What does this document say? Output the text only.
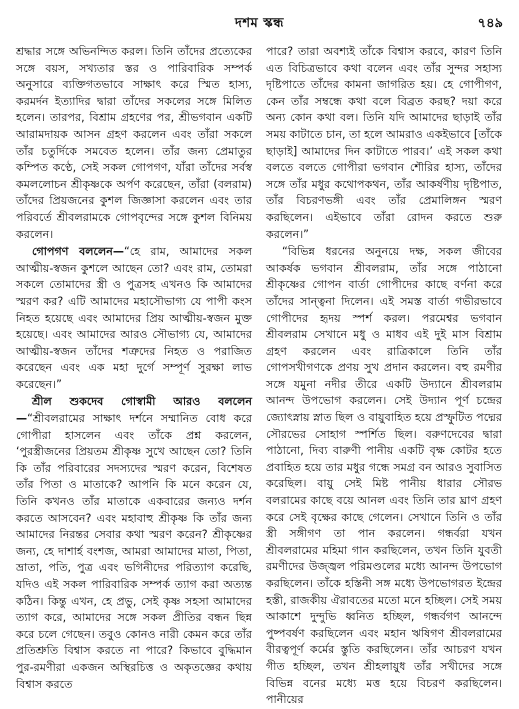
দশম স্কন্ধ	৭৪৯

শ্রদ্ধার সঙ্গে অভিনন্দিত করল। তিনি তাঁদের প্রত্যেকের সঙ্গে বয়স, সখ্যতার স্তর ও পারিবারিক সম্পর্ক অনুসারে ব্যক্তিগতভাবে সাক্ষাৎ করে স্মিত হাস্য, করমর্দন ইত্যাদির দ্বারা তাঁদের সকলের সঙ্গে মিলিত হলেন। তারপর, বিশ্রাম গ্রহণের পর, শ্রীভগবান একটি আরামদায়ক আসন গ্রহণ করলেন এবং তাঁরা সকলে তাঁর চতুর্দিকে সমবেত হলেন। তাঁর জন্য প্রেমাতুর কম্পিত কণ্ঠে, সেই সকল গোপগণ, যাঁরা তাঁদের সর্বস্ব কমললোচন শ্রীকৃষ্ণকে অর্পণ করেছেন, তাঁরা (বলরাম) তাঁদের প্রিয়জনের কুশল জিজ্ঞাসা করলেন এবং তার পরিবর্তে শ্রীবলরামকে গোপবৃন্দের সঙ্গে কুশল বিনিময় করলেন।

গোপগণ বললেন—“হে রাম, আমাদের সকল আত্মীয়-স্বজন কুশলে আছেন তো? এবং রাম, তোমরা সকলে তোমাদের স্ত্রী ও পুত্রসহ এখনও কি আমাদের স্মরণ কর? এটি আমাদের মহাসৌভাগ্য যে পাপী কংস নিহত হয়েছে এবং আমাদের প্রিয় আত্মীয়-স্বজন মুক্ত হয়েছে। এবং আমাদের আরও সৌভাগ্য যে, আমাদের আত্মীয়-স্বজন তাঁদের শত্রুদের নিহত ও পরাজিত করেছেন এবং এক মহা দুর্গে সম্পূর্ণ সুরক্ষা লাভ করেছেন।”

শ্রীল শুকদেব গোস্বামী আরও বললেন—“শ্রীবলরামের সাক্ষাৎ দর্শনে সম্মানিত বোধ করে গোপীরা হাসলেন এবং তাঁকে প্রশ্ন করলেন, ‘পুরস্ত্রীজনের প্রিয়তম শ্রীকৃষ্ণ সুখে আছেন তো? তিনি কি তাঁর পরিবারের সদস্যদের স্মরণ করেন, বিশেষত তাঁর পিতা ও মাতাকে? আপনি কি মনে করেন যে, তিনি কখনও তাঁর মাতাকে একবারের জন্যও দর্শন করতে আসবেন? এবং মহাবাহু শ্রীকৃষ্ণ কি তাঁর জন্য আমাদের নিরন্তর সেবার কথা স্মরণ করেন? শ্রীকৃষ্ণের জন্য, হে দাশার্হ বংশজ, আমরা আমাদের মাতা, পিতা, ভ্রাতা, পতি, পুত্র এবং ভগিনীদের পরিত্যাগ করেছি, যদিও এই সকল পারিবারিক সম্পর্ক ত্যাগ করা অত্যন্ত কঠিন। কিন্তু এখন, হে প্রভু, সেই কৃষ্ণ সহসা আমাদের ত্যাগ করে, আমাদের সঙ্গে সকল প্রীতির বন্ধন ছিন্ন করে চলে গেছেন। তবুও কোনও নারী কেমন করে তাঁর প্রতিশ্রুতি বিশ্বাস করতে না পারে? কিভাবে বুদ্ধিমান পুর-রমণীরা একজন অস্থিরচিত্ত ও অকৃতজ্ঞের কথায় বিশ্বাস করতে

পারে? তারা অবশ্যই তাঁকে বিশ্বাস করবে, কারণ তিনি এত বিচিত্রভাবে কথা বলেন এবং তাঁর সুন্দর সহাস্য দৃষ্টিপাতে তাঁদের কামনা জাগরিত হয়। হে গোপীগণ, কেন তাঁর সম্বন্ধে কথা বলে বিব্রত করছ? দয়া করে অন্য কোন কথা বল। তিনি যদি আমাদের ছাড়াই তাঁর সময় কাটাতে চান, তা হলে আমরাও একইভাবে [তাঁকে ছাড়াই] আমাদের দিন কাটাতে পারব।’ এই সকল কথা বলতে বলতে গোপীরা ভগবান শৌরির হাস্য, তাঁদের সঙ্গে তাঁর মধুর কথোপকথন, তাঁর আকর্ষণীয় দৃষ্টিপাত, তাঁর বিচরণভঙ্গী এবং তাঁর প্রেমালিঙ্গন স্মরণ করছিলেন। এইভাবে তাঁরা রোদন করতে শুরু করলেন।”

“বিভিন্ন ধরনের অনুনয়ে দক্ষ, সকল জীবের আকর্ষক ভগবান শ্রীবলরাম, তাঁর সঙ্গে পাঠানো শ্রীকৃষ্ণের গোপন বার্তা গোপীদের কাছে বর্ণনা করে তাঁদের সান্ত্বনা দিলেন। এই সমস্ত বার্তা গভীরভাবে গোপীদের হৃদয় স্পর্শ করল। পরমেশ্বর ভগবান শ্রীবলরাম সেখানে মধু ও মাধব এই দুই মাস বিশ্রাম গ্রহণ করলেন এবং রাত্রিকালে তিনি তাঁর গোপসখীগণকে প্রণয় সুখ প্রদান করলেন। বহু রমণীর সঙ্গে যমুনা নদীর তীরে একটি উদ্যানে শ্রীবলরাম আনন্দ উপভোগ করলেন। সেই উদ্যান পূর্ণ চন্দ্রের জ্যোৎস্নায় স্নাত ছিল ও বায়ুবাহিত হয়ে প্রস্ফুটিত পদ্মের সৌরভের সোহাগ স্পর্শিত ছিল। বরুণদেবের দ্বারা পাঠানো, দিব্য বারুণী পানীয় একটি বৃক্ষ কোটর হতে প্রবাহিত হয়ে তার মধুর গন্ধে সমগ্র বন আরও সুবাসিত করেছিল। বায়ু সেই মিষ্ট পানীয় ধারার সৌরভ বলরামের কাছে বয়ে আনল এবং তিনি তার ঘ্রাণ গ্রহণ করে সেই বৃক্ষের কাছে গেলেন। সেখানে তিনি ও তাঁর স্ত্রী সঙ্গীগণ তা পান করলেন। গন্ধর্বরা যখন শ্রীবলরামের মহিমা গান করছিলেন, তখন তিনি যুবতী রমণীদের উজ্জ্বল পরিমণ্ডলের মধ্যে আনন্দ উপভোগ করছিলেন। তাঁকে হস্তিনী সঙ্গ মধ্যে উপভোগরত ইন্দ্রের হস্তী, রাজকীয় ঐরাবতের মতো মনে হচ্ছিল। সেই সময় আকাশে দুন্দুভি ধ্বনিত হচ্ছিল, গন্ধর্বগণ আনন্দে পুষ্পবর্ষণ করছিলেন এবং মহান ঋষিগণ শ্রীবলরামের বীরত্বপূর্ণ কর্মের স্তুতি করছিলেন। তাঁর আচরণ যখন গীত হচ্ছিল, তখন শ্রীহলায়ুধ তাঁর সখীদের সঙ্গে বিভিন্ন বনের মধ্যে মত্ত হয়ে বিচরণ করছিলেন। পানীয়ের
